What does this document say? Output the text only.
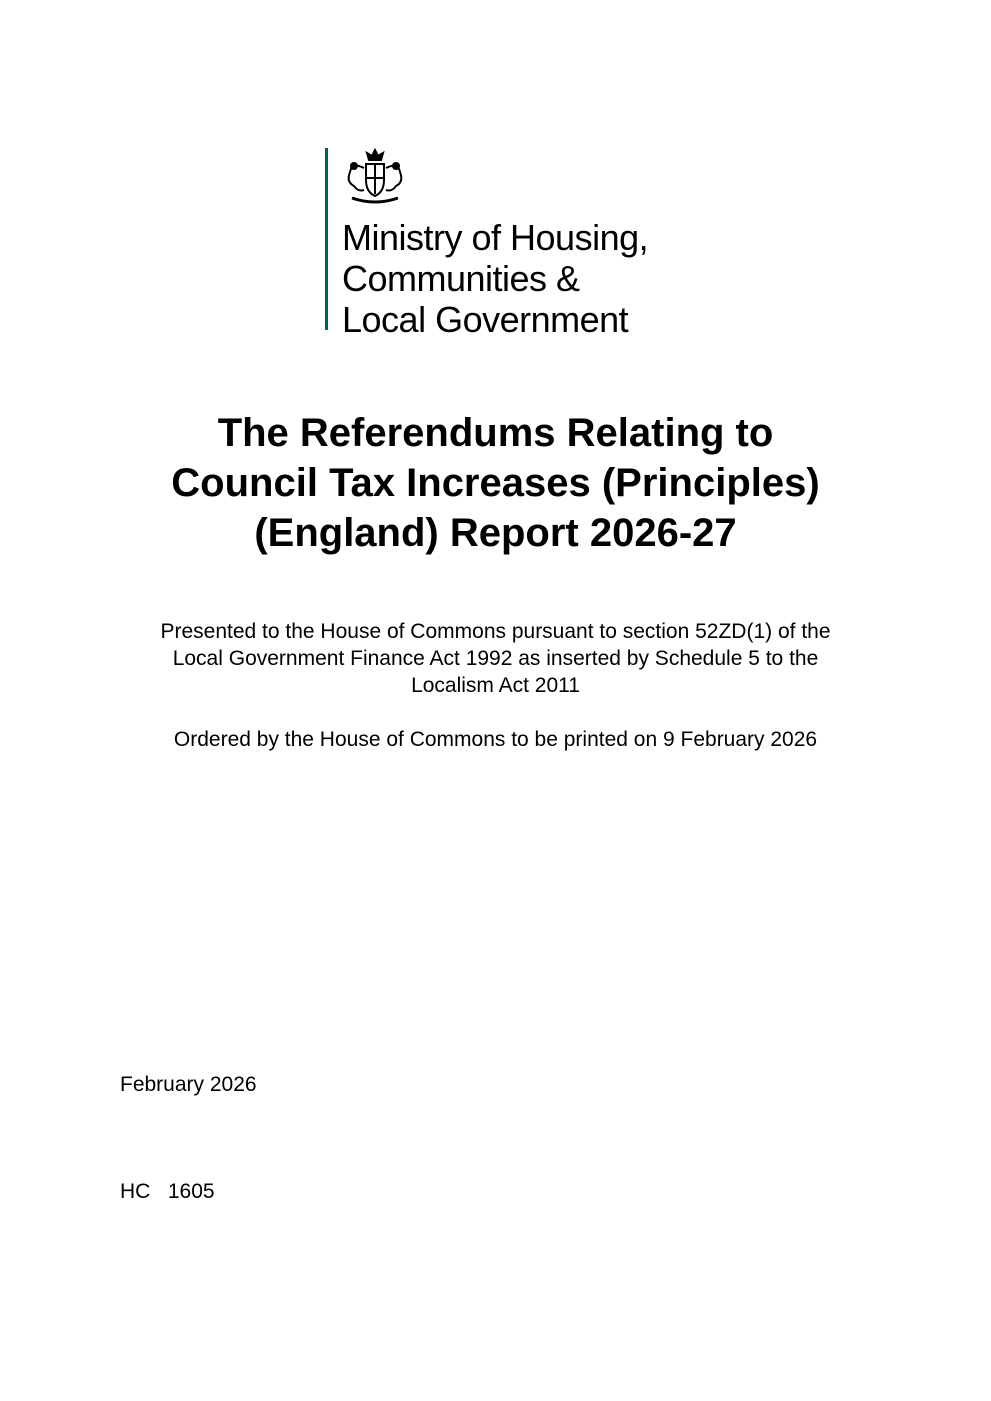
Ministry of Housing,
Communities &
Local Government
The Referendums Relating to
Council Tax Increases (Principles)
(England) Report 2026-27
Presented to the House of Commons pursuant to section 52ZD(1) of the
Local Government Finance Act 1992 as inserted by Schedule 5 to the
Localism Act 2011
Ordered by the House of Commons to be printed on 9 February 2026
February 2026
HC   1605
